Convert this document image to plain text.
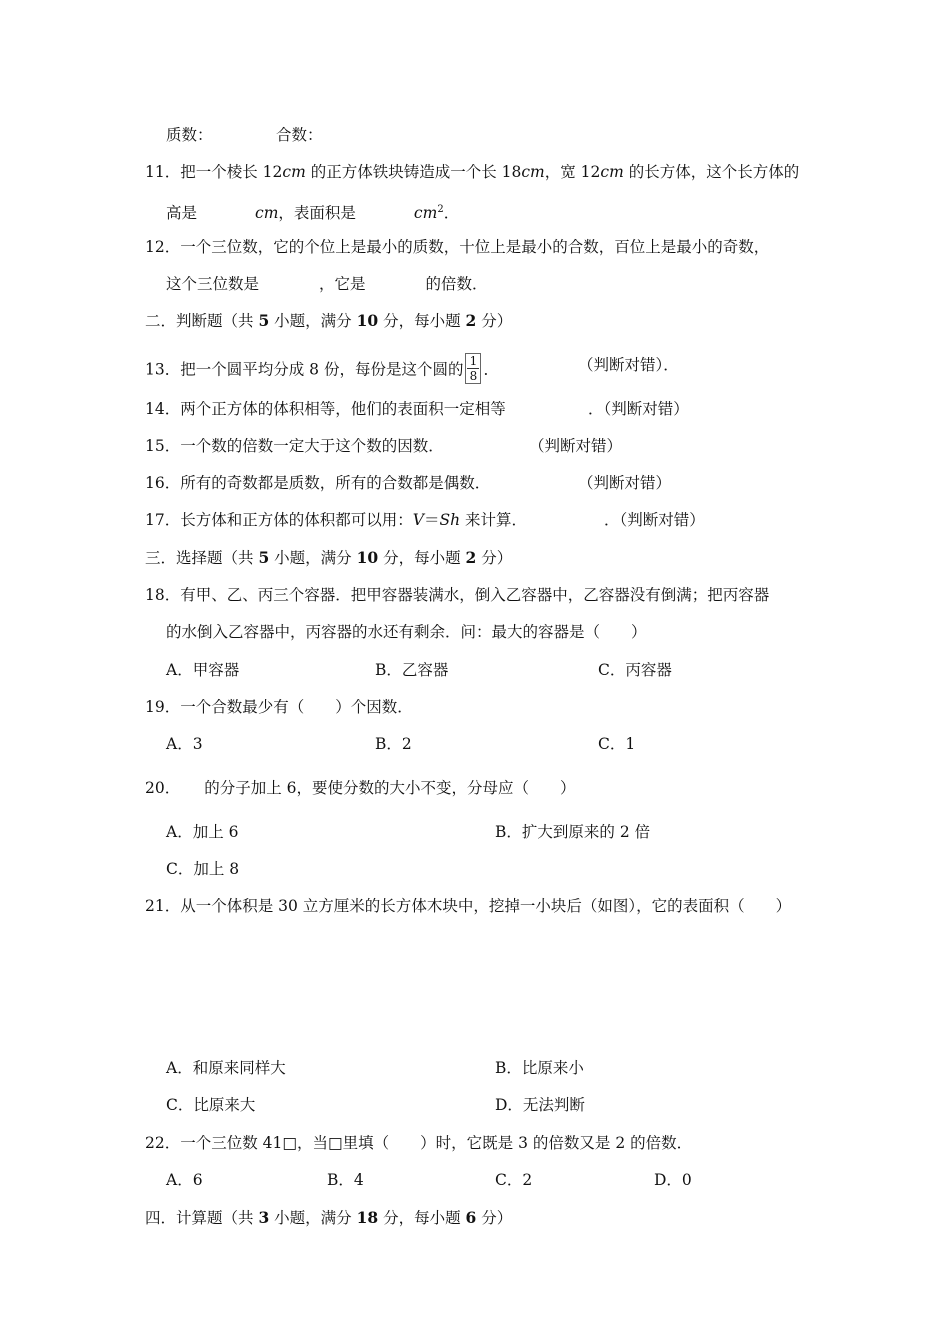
质数：	合数：
11．把一个棱长 12cm 的正方体铁块铸造成一个长 18cm，宽 12cm 的长方体，这个长方体的
高是	cm，表面积是	$cm^2$．
12．一个三位数，它的个位上是最小的质数，十位上是最小的合数，百位上是最小的奇数，
这个三位数是	，它是	的倍数．
二．判断题（共 5 小题，满分 10 分，每小题 2 分）
13．把一个圆平均分成 8 份，每份是这个圆的 $\frac{1}{8}$ ．	（判断对错）．
14．两个正方体的体积相等，他们的表面积一定相等	．（判断对错）
15．一个数的倍数一定大于这个数的因数．	（判断对错）
16．所有的奇数都是质数，所有的合数都是偶数．	（判断对错）
17．长方体和正方体的体积都可以用：V＝Sh 来计算．	．（判断对错）
三．选择题（共 5 小题，满分 10 分，每小题 2 分）
18．有甲、乙、丙三个容器．把甲容器装满水，倒入乙容器中，乙容器没有倒满；把丙容器
的水倒入乙容器中，丙容器的水还有剩余．问：最大的容器是（　　）
A．甲容器	B．乙容器	C．丙容器
19．一个合数最少有（　　）个因数．
A．3	B．2	C．1
20． 的分子加上 6，要使分数的大小不变，分母应（　　）
A．加上 6	B．扩大到原来的 2 倍
C．加上 8
21．从一个体积是 30 立方厘米的长方体木块中，挖掉一小块后（如图），它的表面积（　　）
A．和原来同样大	B．比原来小
C．比原来大	D．无法判断
22．一个三位数 41□，当□里填（　　）时，它既是 3 的倍数又是 2 的倍数．
A．6	B．4	C．2	D．0
四．计算题（共 3 小题，满分 18 分，每小题 6 分）
